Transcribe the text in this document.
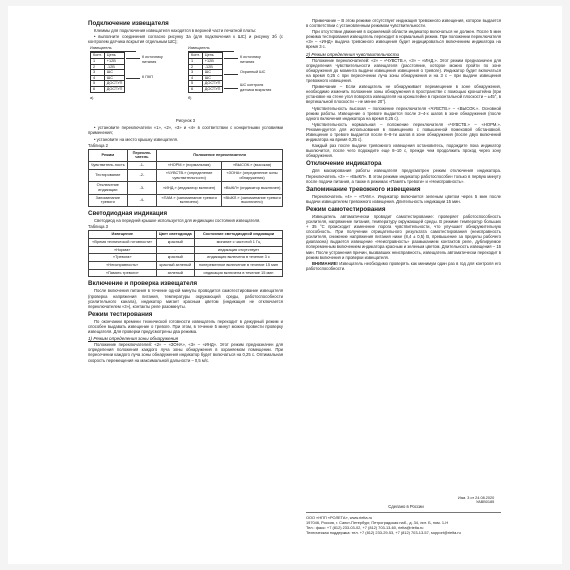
Подключение извещателя

Клеммы для подключения извещателя находятся в верхней части печатной платы:

• выполните соединения согласно рисунку 3а (для подключения к ШС) и рисунку 3б (с контролем датчика вскрытия отдельным ШС);

Извещатель
Конт.	Цепь
1	+12В
2	-12В
3	ШС
4	ШС
5	ДОСТУП
6	ДОСТУП
К источнику питания
К ПКП
а)
Извещатель
Конт.	Цепь
1	+12В
2	-12В
3	ШС
4	ШС
5	ДОСТУП
6	ДОСТУП
К источнику питания
Охранный ШС
ШС контроля датчика вскрытия
б)
Рисунок 3

• установите переключатели «1», «2», «3» и «4» в соответствии с конкретными условиями применения;

• установите на место крышку извещателя.

Таблица 2
Режим	Переклю-чатель	Положение переключателя	
Чувствитель-ность	-1-	«НОРМ.» (нормальная)	«ВЫСОК.» (высокая)
Тестирование	-2-	«ЧУВСТВ.» (определение чувствительности)	«ЗОНА» (определение зоны обнаружения)
Отключение индикации	-3-	«ИНД.» (индикатор включен)	«ВЫКЛ» (индикатор выключен)
Запоминание тревоги	-4-	«ПАМ.» (запоминание тревоги включено)	«ВЫКЛ.» (запоминание тревоги выключено)
Светодиодная индикация

Светодиод на передней крышке используется для индикации состояния извещателя.

Таблица 3
Извещение	Цвет светодиода	Состояние светодиодной индикации
«Время технической готовности»	красный	мигание с частотой 1 Гц
«Норма»	-	индикация отсутствует
«Тревога»	красный	индикация включена в течение 3 с
«Неисправность»	красный зеленый	попеременное включение в течение 15 мин
«Память тревоги»	зеленый	индикация включена в течение 15 мин
Включение и проверка извещателя

После включения питания в течение одной минуты проводится самотестирование извещателя (проверка напряжения питания, температуры окружающей среды, работоспособности усилительного канала), индикатор мигает красным цветом (индикация не отключается переключателем «3»), контакты реле разомкнуты.

Режим тестирования

По окончании времени технической готовности извещатель переходит в дежурный режим и способен выдавать извещение о тревоге. При этом, в течение 5 минут можно провести проверку извещателя. Для проверки предусмотрены два режима.

1) Режим определения зоны обнаружения

Положение переключателей: «2» – «ЗОНА», «3» – «ИНД». Этот режим предназначен для определения положения каждого луча зоны обнаружения в охраняемом помещении. При пересечении каждого луча зоны обнаружения индикатор будет включаться на 0,25 с. Оптимальная скорость перемещения на максимальной дальности – 0,5 м/с.

Примечание – В этом режиме отсутствует индикация тревожного извещения, которое выдается в соответствии с установленным режимом чувствительности.

При отсутствии движения в охраняемой области индикатор включаться не должен. После 5 мин режима тестирования извещатель переходит в нормальный режим. При положении переключателя «3» – «ИНД» выдача тревожного извещения будет индицироваться включением индикатора на время 3 с.

2) Режим определения чувствительности

Положение переключателей: «2» – «ЧУВСТВ.», «3» – «ИНД.». Этот режим предназначен для определения чувствительности извещателя (расстояние, которое можно пройти по зоне обнаружения до момента выдачи извещения извещения о тревоге). Индикатор будет включаться на время 0,25 с при пересечении луча зоны обнаружения и на 3 с – при выдаче извещения тревожного извещения.

Примечание – Если извещатель не обнаруживает перемещение в зоне обнаружения, необходимо изменить положение зоны обнаружения в пространстве с помощью кронштейна (при установке на стене угол поворота извещателя на кронштейне в горизонтальной плоскости – ±45°, в вертикальной плоскости – не менее 20°).

Чувствительность высокая – положение переключателя «ЧУВСТВ.» – «ВЫСОК.». Основной режим работы. Извещение о тревоге выдается после 2–4-х шагов в зоне обнаружения (после одного включения индикатора на время 0,25 с).

Чувствительность нормальная – положение переключателя «ЧУВСТВ.» – «НОРМ.». Рекомендуется для использования в помещениях с повышенной помеховой обстановкой. Извещение о тревоге выдается после 6–8-ти шагов в зоне обнаружения (после двух включений индикатора на время 0,25 с).

Каждый раз после выдачи тревожного извещения остановитесь, подождите пока индикатор выключится, после чего подождите еще 8–10 с, прежде чем продолжить проход через зону обнаружения.

Отключение индикатора

Для маскирования работы извещателя предусмотрен режим отключения индикатора. Переключатель «3» – «ВЫКЛ». В этом режиме индикатор работоспособен только в первую минуту после подачи питания, а также в режимах «Память тревоги» и «Неисправность».

Запоминание тревожного извещения

Переключатель «4» – «ПАМ.». Индикатор включается зеленым цветом через 5 мин после выдачи извещателем тревожного извещения. Длительность индикации 15 мин.

Режим самотестирования

Извещатель автоматически проводит самотестирование: проверяет работоспособность усилителя, напряжение питания, температуру окружающей среды. В режиме температур больших + 35 °С происходит изменение порога чувствительности, что улучшает обнаружительную способность. При получении отрицательного результата самотестирования (неисправность усилителя, снижение напряжения питания ниже (8,4 ± 0,5) В, превышение за пределы рабочего диапазона) выдается извещение «Неисправность» размыканием контактов реле, дублируемое попеременным включением индикатора красным и зеленым цветом. Длительность извещения – 15 мин. После устранения причин, вызвавших неисправность, извещатель автоматически переходит в режим включения и проверки извещателя.

ВНИМАНИЕ! Извещатель необходимо проверять как минимум один раз в год для контроля его работоспособности.

Изм. 3 от 24.08.2020
УАВВ0185
Сделано в России
ООО «НПП «РОЛЕТА», www.rielta.ru
197046, Россия, г. Санкт-Петербург, Петроградская наб., д. 34, лит. Б, пом. 1-Н
Тел.: факс: +7 (812) 233-03-02, +7 (812) 703-13-60, rielta@rielta.ru
Техническая поддержка: тел. +7 (812) 233-29-53, +7 (812) 703-13-57, support@rielta.ru
